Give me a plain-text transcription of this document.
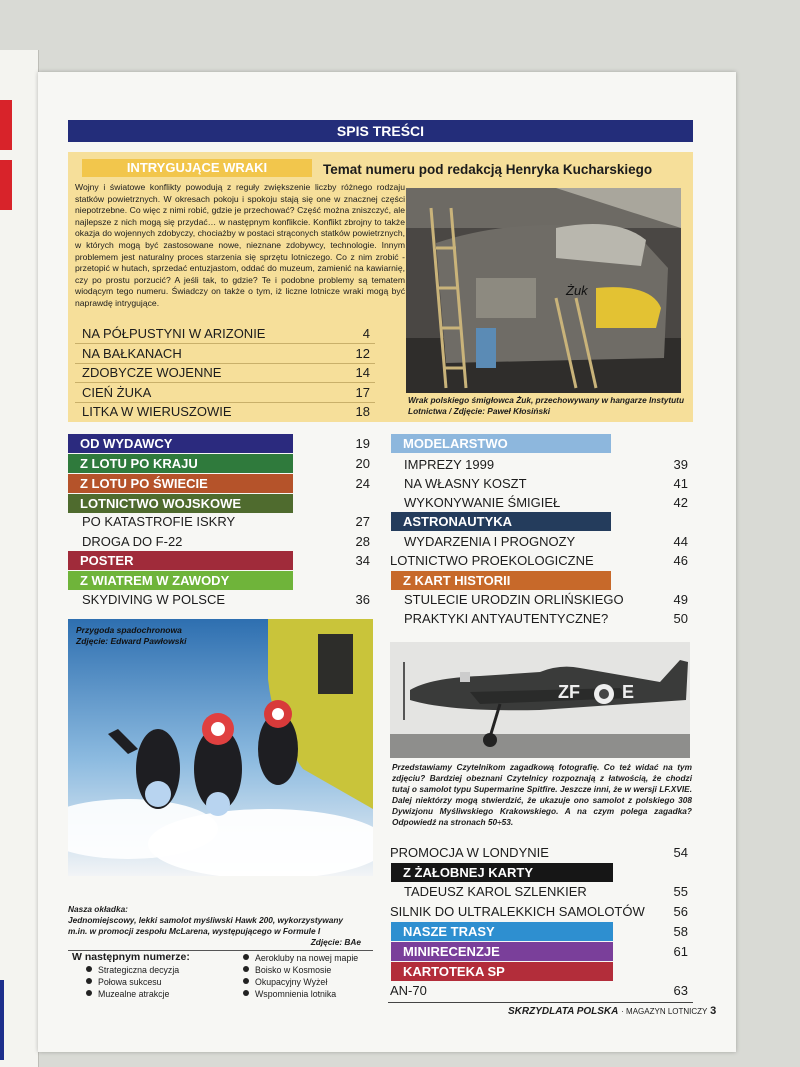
SPIS TREŚCI
INTRYGUJĄCE WRAKI	Temat numeru pod redakcją Henryka Kucharskiego
Wojny i światowe konflikty powodują z reguły zwiększenie liczby różnego rodzaju statków powietrznych. W okresach pokoju i spokoju stają się one w znacznej części niepotrzebne. Co więc z nimi robić, gdzie je przechować? Część można zniszczyć, ale najlepsze z nich mogą się przydać… w następnym konflikcie. Konflikt zbrojny to także okazja do wojennych zdobyczy, chociażby w postaci strąconych statków powietrznych, w których mogą być zastosowane nowe, nieznane zdobywcy, technologie. Innym problemem jest naturalny proces starzenia się sprzętu lotniczego. Co z nim zrobić - przetopić w hutach, sprzedać entuzjastom, oddać do muzeum, zamienić na kawiarnię, czy po prostu porzucić? A jeśli tak, to gdzie? Te i podobne problemy są tematem wiodącym tego numeru. Świadczy on także o tym, iż liczne lotnicze wraki mogą być naprawdę intrygujące.
NA PÓŁPUSTYNI W ARIZONIE	4
NA BAŁKANACH	12
ZDOBYCZE WOJENNE	14
CIEŃ ŻUKA	17
LITKA W WIERUSZOWIE	18
Żuk
Wrak polskiego śmigłowca Żuk, przechowywany w hangarze Instytutu Lotnictwa / Zdjęcie: Paweł Kłosiński
OD WYDAWCY	19
Z LOTU PO KRAJU	20
Z LOTU PO ŚWIECIE	24
LOTNICTWO WOJSKOWE
POSTER	34
Z WIATREM W ZAWODY
PO KATASTROFIE ISKRY	27
DROGA DO F-22	28
SKYDIVING W POLSCE	36
MODELARSTWO
ASTRONAUTYKA
Z KART HISTORII
IMPREZY 1999	39
NA WŁASNY KOSZT	41
WYKONYWANIE ŚMIGIEŁ	42
WYDARZENIA I PROGNOZY	44
LOTNICTWO PROEKOLOGICZNE	46
STULECIE URODZIN ORLIŃSKIEGO	49
PRAKTYKI ANTYAUTENTYCZNE?	50
Przygoda spadochronowa
Zdjęcie: Edward Pawłowski
Nasza okładka:
Jednomiejscowy, lekki samolot myśliwski Hawk 200, wykorzystywany
m.in. w promocji zespołu McLarena, występującego w Formule I
Zdjęcie: BAe
W następnym numerze:
Strategiczna decyzja
Połowa sukcesu
Muzealne atrakcje
Aerokluby na nowej mapie
Boisko w Kosmosie
Okupacyjny Wyżeł
Wspomnienia lotnika
ZF E
Przedstawiamy Czytelnikom zagadkową fotografię. Co też widać na tym zdjęciu? Bardziej obeznani Czytelnicy rozpoznają z łatwością, że chodzi tutaj o samolot typu Supermarine Spitfire. Jeszcze inni, że w wersji LF.XVIE. Dalej niektórzy mogą stwierdzić, że ukazuje ono samolot z polskiego 308 Dywizjonu Myśliwskiego Krakowskiego. A na czym polega zagadka? Odpowiedź na stronach 50÷53.
PROMOCJA W LONDYNIE	54
Z ŻAŁOBNEJ KARTY
TADEUSZ KAROL SZLENKIER	55
SILNIK DO ULTRALEKKICH SAMOLOTÓW	56
NASZE TRASY	58
MINIRECENZJE	61
KARTOTEKA SP
AN-70	63
SKRZYDLATA POLSKA · MAGAZYN LOTNICZY 3
